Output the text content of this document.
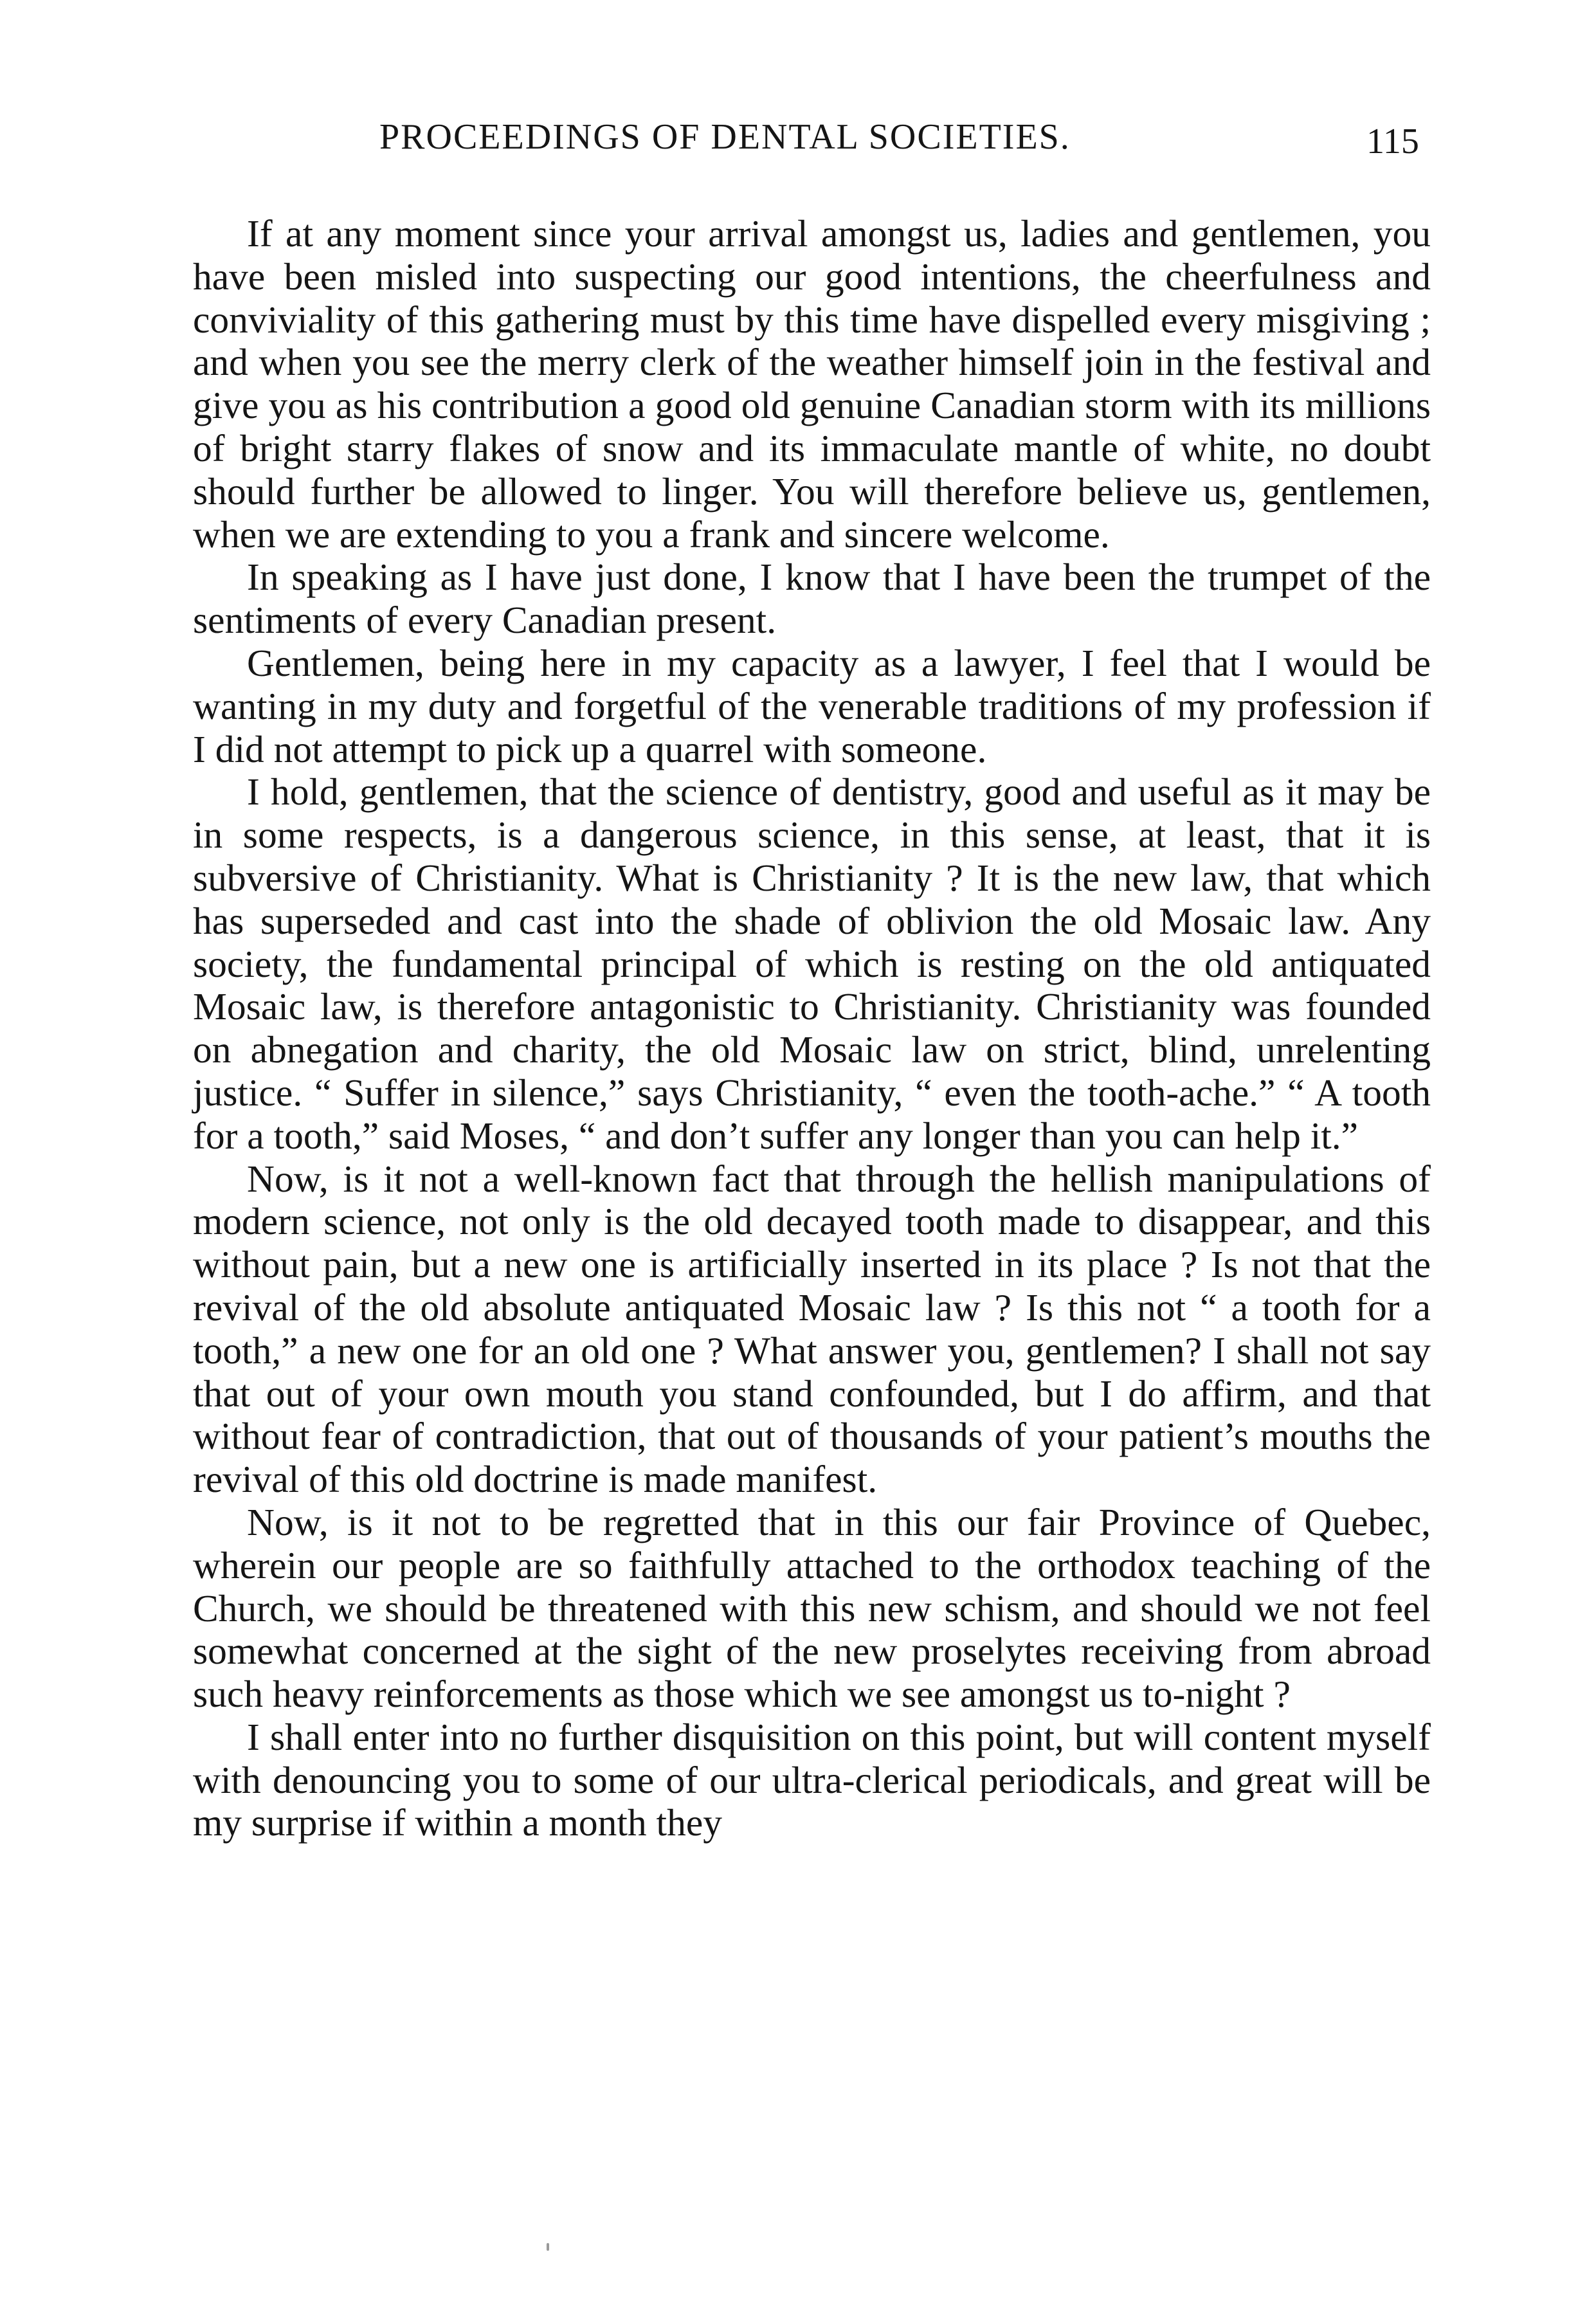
PROCEEDINGS OF DENTAL SOCIETIES.	115

If at any moment since your arrival amongst us, ladies and gentlemen, you have been misled into suspecting our good intentions, the cheerfulness and conviviality of this gathering must by this time have dispelled every misgiving ; and when you see the merry clerk of the weather himself join in the festival and give you as his contribution a good old genuine Canadian storm with its millions of bright starry flakes of snow and its immaculate mantle of white, no doubt should further be allowed to linger. You will therefore believe us, gentlemen, when we are extending to you a frank and sincere welcome.

In speaking as I have just done, I know that I have been the trumpet of the sentiments of every Canadian present.

Gentlemen, being here in my capacity as a lawyer, I feel that I would be wanting in my duty and forgetful of the venerable traditions of my profession if I did not attempt to pick up a quarrel with someone.

I hold, gentlemen, that the science of dentistry, good and useful as it may be in some respects, is a dangerous science, in this sense, at least, that it is subversive of Christianity. What is Christianity ? It is the new law, that which has superseded and cast into the shade of oblivion the old Mosaic law. Any society, the fundamental principal of which is resting on the old antiquated Mosaic law, is therefore antagonistic to Christianity. Christianity was founded on abnegation and charity, the old Mosaic law on strict, blind, unrelenting justice. “ Suffer in silence,” says Christianity, “ even the tooth-ache.” “ A tooth for a tooth,” said Moses, “ and don’t suffer any longer than you can help it.”

Now, is it not a well-known fact that through the hellish manipulations of modern science, not only is the old decayed tooth made to disappear, and this without pain, but a new one is artificially inserted in its place ? Is not that the revival of the old absolute antiquated Mosaic law ? Is this not “ a tooth for a tooth,” a new one for an old one ? What answer you, gentlemen? I shall not say that out of your own mouth you stand confounded, but I do affirm, and that without fear of contradiction, that out of thousands of your patient’s mouths the revival of this old doctrine is made manifest.

Now, is it not to be regretted that in this our fair Province of Quebec, wherein our people are so faithfully attached to the orthodox teaching of the Church, we should be threatened with this new schism, and should we not feel somewhat concerned at the sight of the new proselytes receiving from abroad such heavy reinforcements as those which we see amongst us to-night ?

I shall enter into no further disquisition on this point, but will content myself with denouncing you to some of our ultra-clerical periodicals, and great will be my surprise if within a month they
